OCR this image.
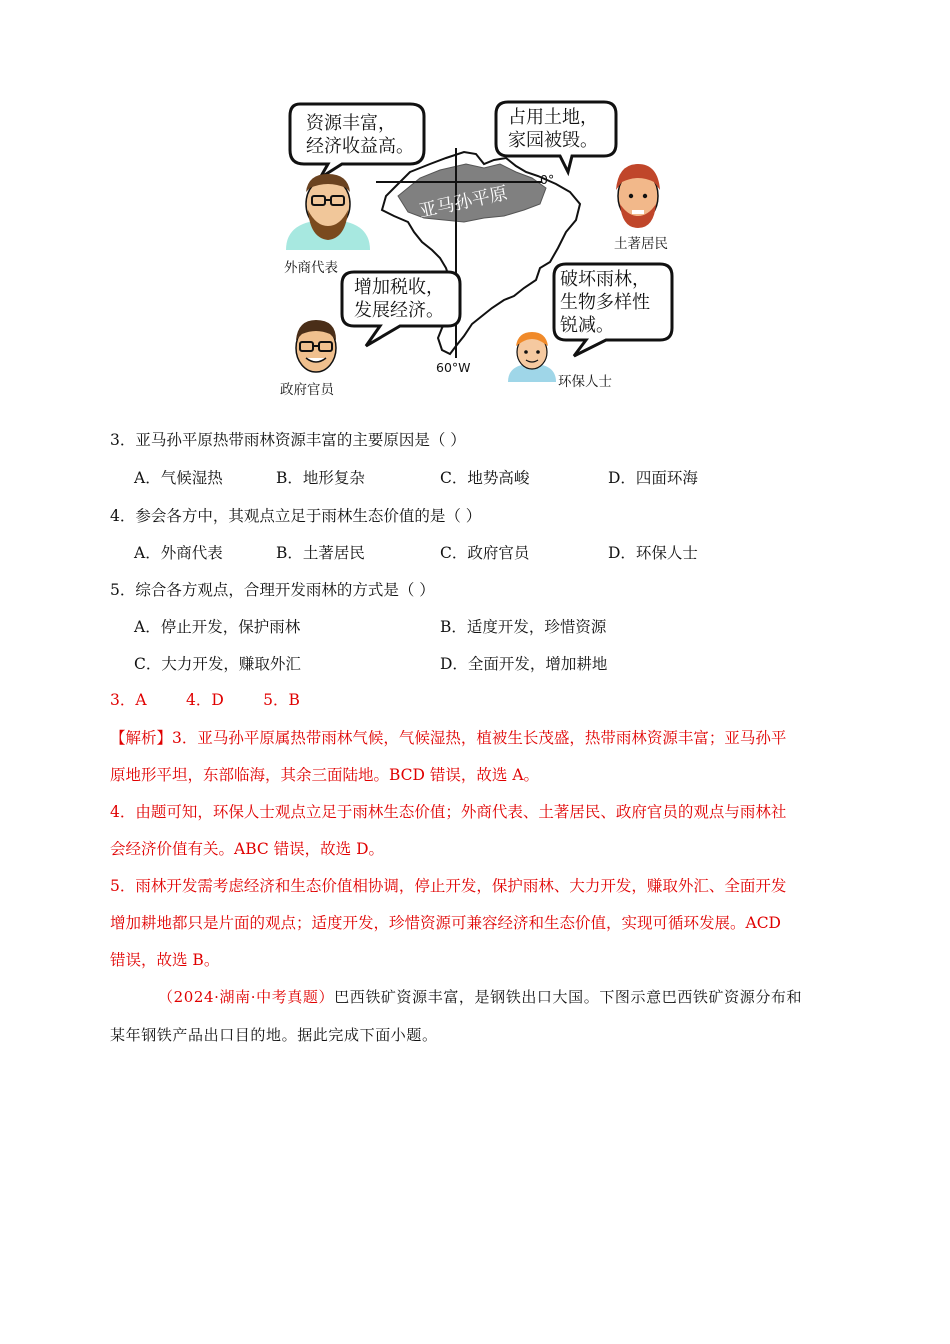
资源丰富，
经济收益高。
占用土地，
家园被毁。
增加税收，
发展经济。
破坏雨林，
生物多样性
锐减。
外商代表
土著居民
政府官员	环保人士
亚马孙平原
0°
60°W
3．亚马孙平原热带雨林资源丰富的主要原因是（ ）
A．气候湿热	B．地形复杂	C．地势高峻	D．四面环海
4．参会各方中，其观点立足于雨林生态价值的是（ ）
A．外商代表	B．土著居民	C．政府官员	D．环保人士
5．综合各方观点，合理开发雨林的方式是（ ）
A．停止开发，保护雨林	B．适度开发，珍惜资源
C．大力开发，赚取外汇	D．全面开发，增加耕地
3．A        4．D        5．B
【解析】3．亚马孙平原属热带雨林气候，气候湿热，植被生长茂盛，热带雨林资源丰富；亚马孙平
原地形平坦，东部临海，其余三面陆地。BCD 错误，故选 A。
4．由题可知，环保人士观点立足于雨林生态价值；外商代表、土著居民、政府官员的观点与雨林社
会经济价值有关。ABC 错误，故选 D。
5．雨林开发需考虑经济和生态价值相协调，停止开发，保护雨林、大力开发，赚取外汇、全面开发
增加耕地都只是片面的观点；适度开发，珍惜资源可兼容经济和生态价值，实现可循环发展。ACD
错误，故选 B。
（2024·湖南·中考真题）巴西铁矿资源丰富，是钢铁出口大国。下图示意巴西铁矿资源分布和
某年钢铁产品出口目的地。据此完成下面小题。
